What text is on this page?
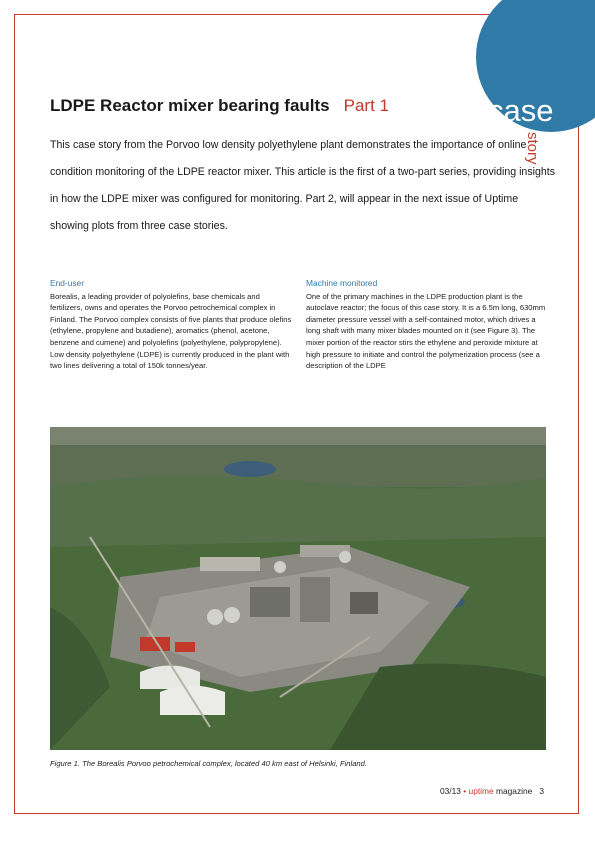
case
story
LDPE Reactor mixer bearing faults Part 1
This case story from the Porvoo low density polyethylene plant demonstrates the importance of online condition monitoring of the LDPE reactor mixer. This article is the first of a two-part series, providing insights in how the LDPE mixer was configured for monitoring. Part 2, will appear in the next issue of Uptime showing plots from three case stories.
End-user

Borealis, a leading provider of polyolefins, base chemicals and fertilizers, owns and operates the Porvoo petrochemical complex in Finland. The Porvoo complex consists of five plants that produce olefins (ethylene, propylene and butadiene), aromatics (phenol, acetone, benzene and cumene) and polyolefins (polyethylene, polypropylene). Low density polyethylene (LDPE) is currently produced in the plant with two lines delivering a total of 150k tonnes/year.

Machine monitored

One of the primary machines in the LDPE production plant is the autoclave reactor; the focus of this case story. It is a 6.5m long, 630mm diameter pressure vessel with a self-contained motor, which drives a long shaft with many mixer blades mounted on it (see Figure 3). The mixer portion of the reactor stirs the ethylene and peroxide mixture at high pressure to initiate and control the polymerization process (see a description of the LDPE

Figure 1. The Borealis Porvoo petrochemical complex, located 40 km east of Helsinki, Finland.
03/13 • uptime magazine 3
